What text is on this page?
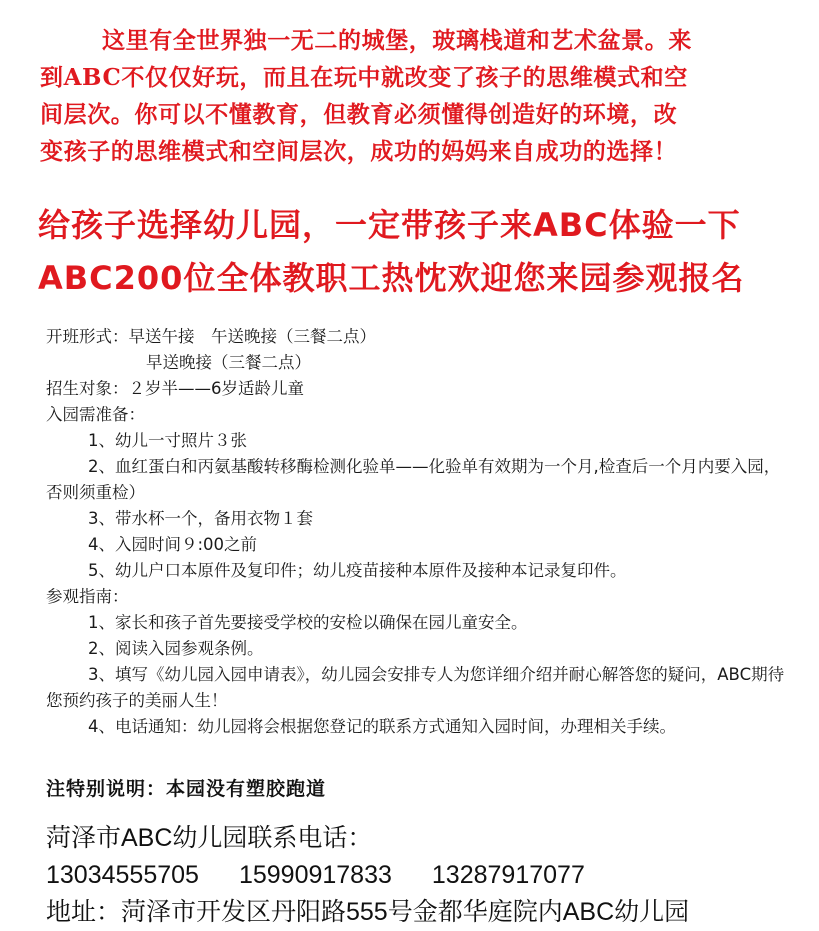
这里有全世界独一无二的城堡，玻璃栈道和艺术盆景。来
到ABC不仅仅好玩，而且在玩中就改变了孩子的思维模式和空
间层次。你可以不懂教育，但教育必须懂得创造好的环境，改
变孩子的思维模式和空间层次，成功的妈妈来自成功的选择！
给孩子选择幼儿园，一定带孩子来ABC体验一下
ABC200位全体教职工热忱欢迎您来园参观报名
开班形式：早送午接　午送晚接（三餐二点）
早送晚接（三餐二点）
招生对象：２岁半——6岁适龄儿童
入园需准备：
1、幼儿一寸照片３张
2、血红蛋白和丙氨基酸转移酶检测化验单——化验单有效期为一个月,检查后一个月内要入园，否则须重检）
3、带水杯一个，备用衣物１套
4、入园时间９:00之前
5、幼儿户口本原件及复印件；幼儿疫苗接种本原件及接种本记录复印件。
参观指南：
1、家长和孩子首先要接受学校的安检以确保在园儿童安全。
2、阅读入园参观条例。
3、填写《幼儿园入园申请表》，幼儿园会安排专人为您详细介绍并耐心解答您的疑问，ABC期待您预约孩子的美丽人生！
4、电话通知：幼儿园将会根据您登记的联系方式通知入园时间，办理相关手续。
注特别说明：本园没有塑胶跑道
菏泽市ABC幼儿园联系电话：
13034555705 15990917833 13287917077
地址：菏泽市开发区丹阳路555号金都华庭院内ABC幼儿园
